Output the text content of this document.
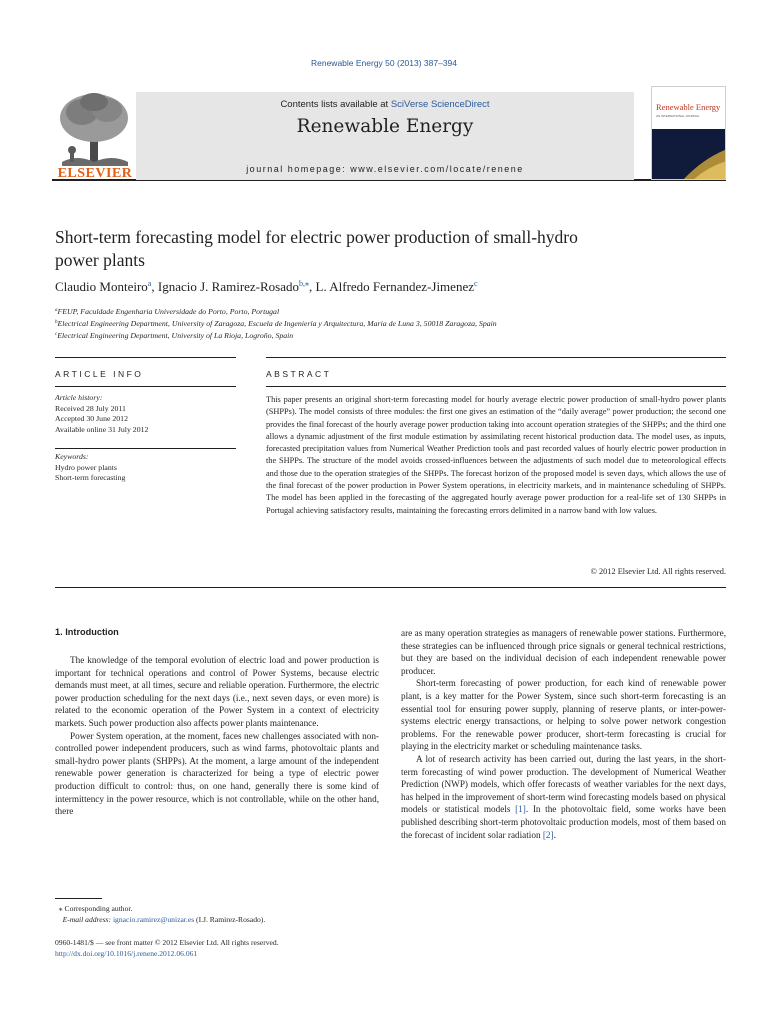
Renewable Energy 50 (2013) 387–394
ELSEVIER
Contents lists available at SciVerse ScienceDirect
Renewable Energy
journal homepage: www.elsevier.com/locate/renene
Renewable Energy
AN INTERNATIONAL JOURNAL
Short-term forecasting model for electric power production of small-hydro
power plants
Claudio Monteiro$^a$, Ignacio J. Ramirez-Rosado$^{b,⁎}$, L. Alfredo Fernandez-Jimenez$^c$
$^a$FEUP, Faculdade Engenharia Universidade do Porto, Porto, Portugal
$^b$Electrical Engineering Department, University of Zaragoza, Escuela de Ingeniería y Arquitectura, Maria de Luna 3, 50018 Zaragoza, Spain
$^c$Electrical Engineering Department, University of La Rioja, Logroño, Spain
ARTICLE INFO	ABSTRACT
Article history:
Received 28 July 2011
Accepted 30 June 2012
Available online 31 July 2012
Keywords:
Hydro power plants
Short-term forecasting
This paper presents an original short-term forecasting model for hourly average electric power production of small-hydro power plants (SHPPs). The model consists of three modules: the first one gives an estimation of the “daily average” power production; the second one provides the final forecast of the hourly average power production taking into account operation strategies of the SHPPs; and the third one allows a dynamic adjustment of the first module estimation by assimilating recent historical production data. The model uses, as inputs, forecasted precipitation values from Numerical Weather Prediction tools and past recorded values of hourly electric power production in the SHPPs. The structure of the model avoids crossed-influences between the adjustments of such model due to meteorological effects and those due to the operation strategies of the SHPPs. The forecast horizon of the proposed model is seven days, which allows the use of the final forecast of the power production in Power System operations, in electricity markets, and in maintenance scheduling of SHPPs. The model has been applied in the forecasting of the aggregated hourly average power production for a real-life set of 130 SHPPs in Portugal achieving satisfactory results, maintaining the forecasting errors delimited in a narrow band with low values.
© 2012 Elsevier Ltd. All rights reserved.
1. Introduction

The knowledge of the temporal evolution of electric load and power production is important for technical operations and control of Power Systems, because electric demands must meet, at all times, secure and reliable operation. Furthermore, the electric power production scheduling for the next days (i.e., next seven days, or even more) is related to the economic operation of the Power System in a context of electricity markets. Such power production also affects power plants maintenance.

Power System operation, at the moment, faces new challenges associated with non-controlled power independent producers, such as wind farms, photovoltaic plants and small-hydro power plants (SHPPs). At the moment, a large amount of the independent renewable power generation is characterized for being a type of electric power production difficult to control: thus, on one hand, generally there is some kind of intermittency in the power resource, which is not controllable, while on the other hand, there

are as many operation strategies as managers of renewable power stations. Furthermore, these strategies can be influenced through price signals or general technical restrictions, but they are based on the individual decision of each independent renewable power producer.

Short-term forecasting of power production, for each kind of renewable power plant, is a key matter for the Power System, since such short-term forecasting is an essential tool for ensuring power supply, planning of reserve plants, or inter-power-systems electric energy transactions, or helping to solve power network congestion problems. For the renewable power producer, short-term forecasting is crucial for playing in the electricity market or scheduling maintenance tasks.

A lot of research activity has been carried out, during the last years, in the short-term forecasting of wind power production. The development of Numerical Weather Prediction (NWP) models, which offer forecasts of weather variables for the next days, has helped in the improvement of short-term wind forecasting models based on physical models or statistical models [1]. In the photovoltaic field, some works have been published describing short-term photovoltaic production models, most of them based on the forecast of incident solar radiation [2].

⁎ Corresponding author.
E-mail address: ignacio.ramirez@unizar.es (I.J. Ramirez-Rosado).
0960-1481/$ — see front matter © 2012 Elsevier Ltd. All rights reserved.
http://dx.doi.org/10.1016/j.renene.2012.06.061
